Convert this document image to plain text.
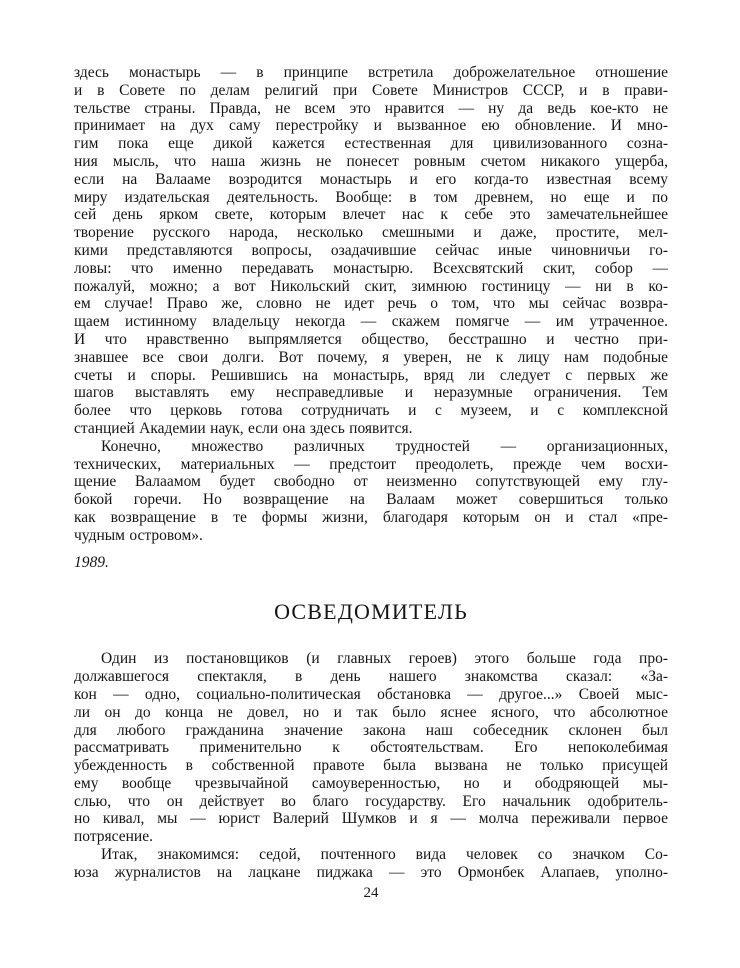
здесь монастырь — в принципе встретила доброжелательное отношение
и в Совете по делам религий при Совете Министров СССР, и в прави-
тельстве страны. Правда, не всем это нравится — ну да ведь кое-кто не
принимает на дух саму перестройку и вызванное ею обновление. И мно-
гим пока еще дикой кажется естественная для цивилизованного созна-
ния мысль, что наша жизнь не понесет ровным счетом никакого ущерба,
если на Валааме возродится монастырь и его когда-то известная всему
миру издательская деятельность. Вообще: в том древнем, но еще и по
сей день ярком свете, которым влечет нас к себе это замечательнейшее
творение русского народа, несколько смешными и даже, простите, мел-
кими представляются вопросы, озадачившие сейчас иные чиновничьи го-
ловы: что именно передавать монастырю. Всехсвятский скит, собор —
пожалуй, можно; а вот Никольский скит, зимнюю гостиницу — ни в ко-
ем случае! Право же, словно не идет речь о том, что мы сейчас возвра-
щаем истинному владельцу некогда — скажем помягче — им утраченное.
И что нравственно выпрямляется общество, бесстрашно и честно при-
знавшее все свои долги. Вот почему, я уверен, не к лицу нам подобные
счеты и споры. Решившись на монастырь, вряд ли следует с первых же
шагов выставлять ему несправедливые и неразумные ограничения. Тем
более что церковь готова сотрудничать и с музеем, и с комплексной
станцией Академии наук, если она здесь появится.
Конечно, множество различных трудностей — организационных,
технических, материальных — предстоит преодолеть, прежде чем восхи-
щение Валаамом будет свободно от неизменно сопутствующей ему глу-
бокой горечи. Но возвращение на Валаам может совершиться только
как возвращение в те формы жизни, благодаря которым он и стал «пре-
чудным островом».
1989.
ОСВЕДОМИТЕЛЬ
Один из постановщиков (и главных героев) этого больше года про-
должавшегося спектакля, в день нашего знакомства сказал: «За-
кон — одно, социально-политическая обстановка — другое...» Своей мыс-
ли он до конца не довел, но и так было яснее ясного, что абсолютное
для любого гражданина значение закона наш собеседник склонен был
рассматривать применительно к обстоятельствам. Его непоколебимая
убежденность в собственной правоте была вызвана не только присущей
ему вообще чрезвычайной самоуверенностью, но и ободряющей мы-
слью, что он действует во благо государству. Его начальник одобритель-
но кивал, мы — юрист Валерий Шумков и я — молча переживали первое
потрясение.
Итак, знакомимся: седой, почтенного вида человек со значком Со-
юза журналистов на лацкане пиджака — это Ормонбек Алапаев, уполно-
24
